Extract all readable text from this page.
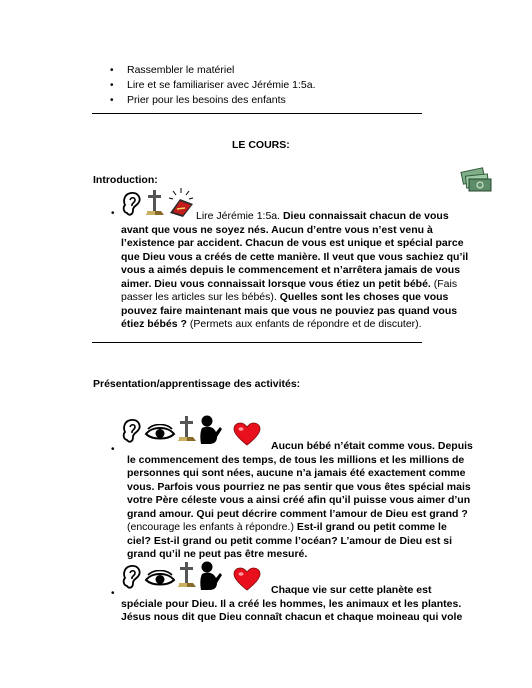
• Rassembler le matériel
• Lire et se familiariser avec Jérémie 1:5a.
• Prier pour les besoins des enfants
LE COURS:
Introduction:
•	Lire Jérémie 1:5a. Dieu connaissait chacun de vous avant que vous ne soyez nés. Aucun d’entre vous n’est venu à l’existence par accident. Chacun de vous est unique et spécial parce que Dieu vous a créés de cette manière. Il veut que vous sachiez qu’il vous a aimés depuis le commencement et n’arrêtera jamais de vous aimer. Dieu vous connaissait lorsque vous étiez un petit bébé. (Fais passer les articles sur les bébés). Quelles sont les choses que vous pouvez faire maintenant mais que vous ne pouviez pas quand vous étiez bébés ? (Permets aux enfants de répondre et de discuter).

Présentation/apprentissage des activités:
•	Aucun bébé n’était comme vous. Depuis le commencement des temps, de tous les millions et les millions de personnes qui sont nées, aucune n’a jamais été exactement comme vous. Parfois vous pourriez ne pas sentir que vous êtes spécial mais votre Père céleste vous a ainsi créé afin qu’il puisse vous aimer d’un grand amour. Qui peut décrire comment l’amour de Dieu est grand ? (encourage les enfants à répondre.) Est-il grand ou petit comme le ciel? Est-il grand ou petit comme l’océan? L’amour de Dieu est si grand qu’il ne peut pas être mesuré.

•	Chaque vie sur cette planète est spéciale pour Dieu. Il a créé les hommes, les animaux et les plantes. Jésus nous dit que Dieu connaît chacun et chaque moineau qui vole
